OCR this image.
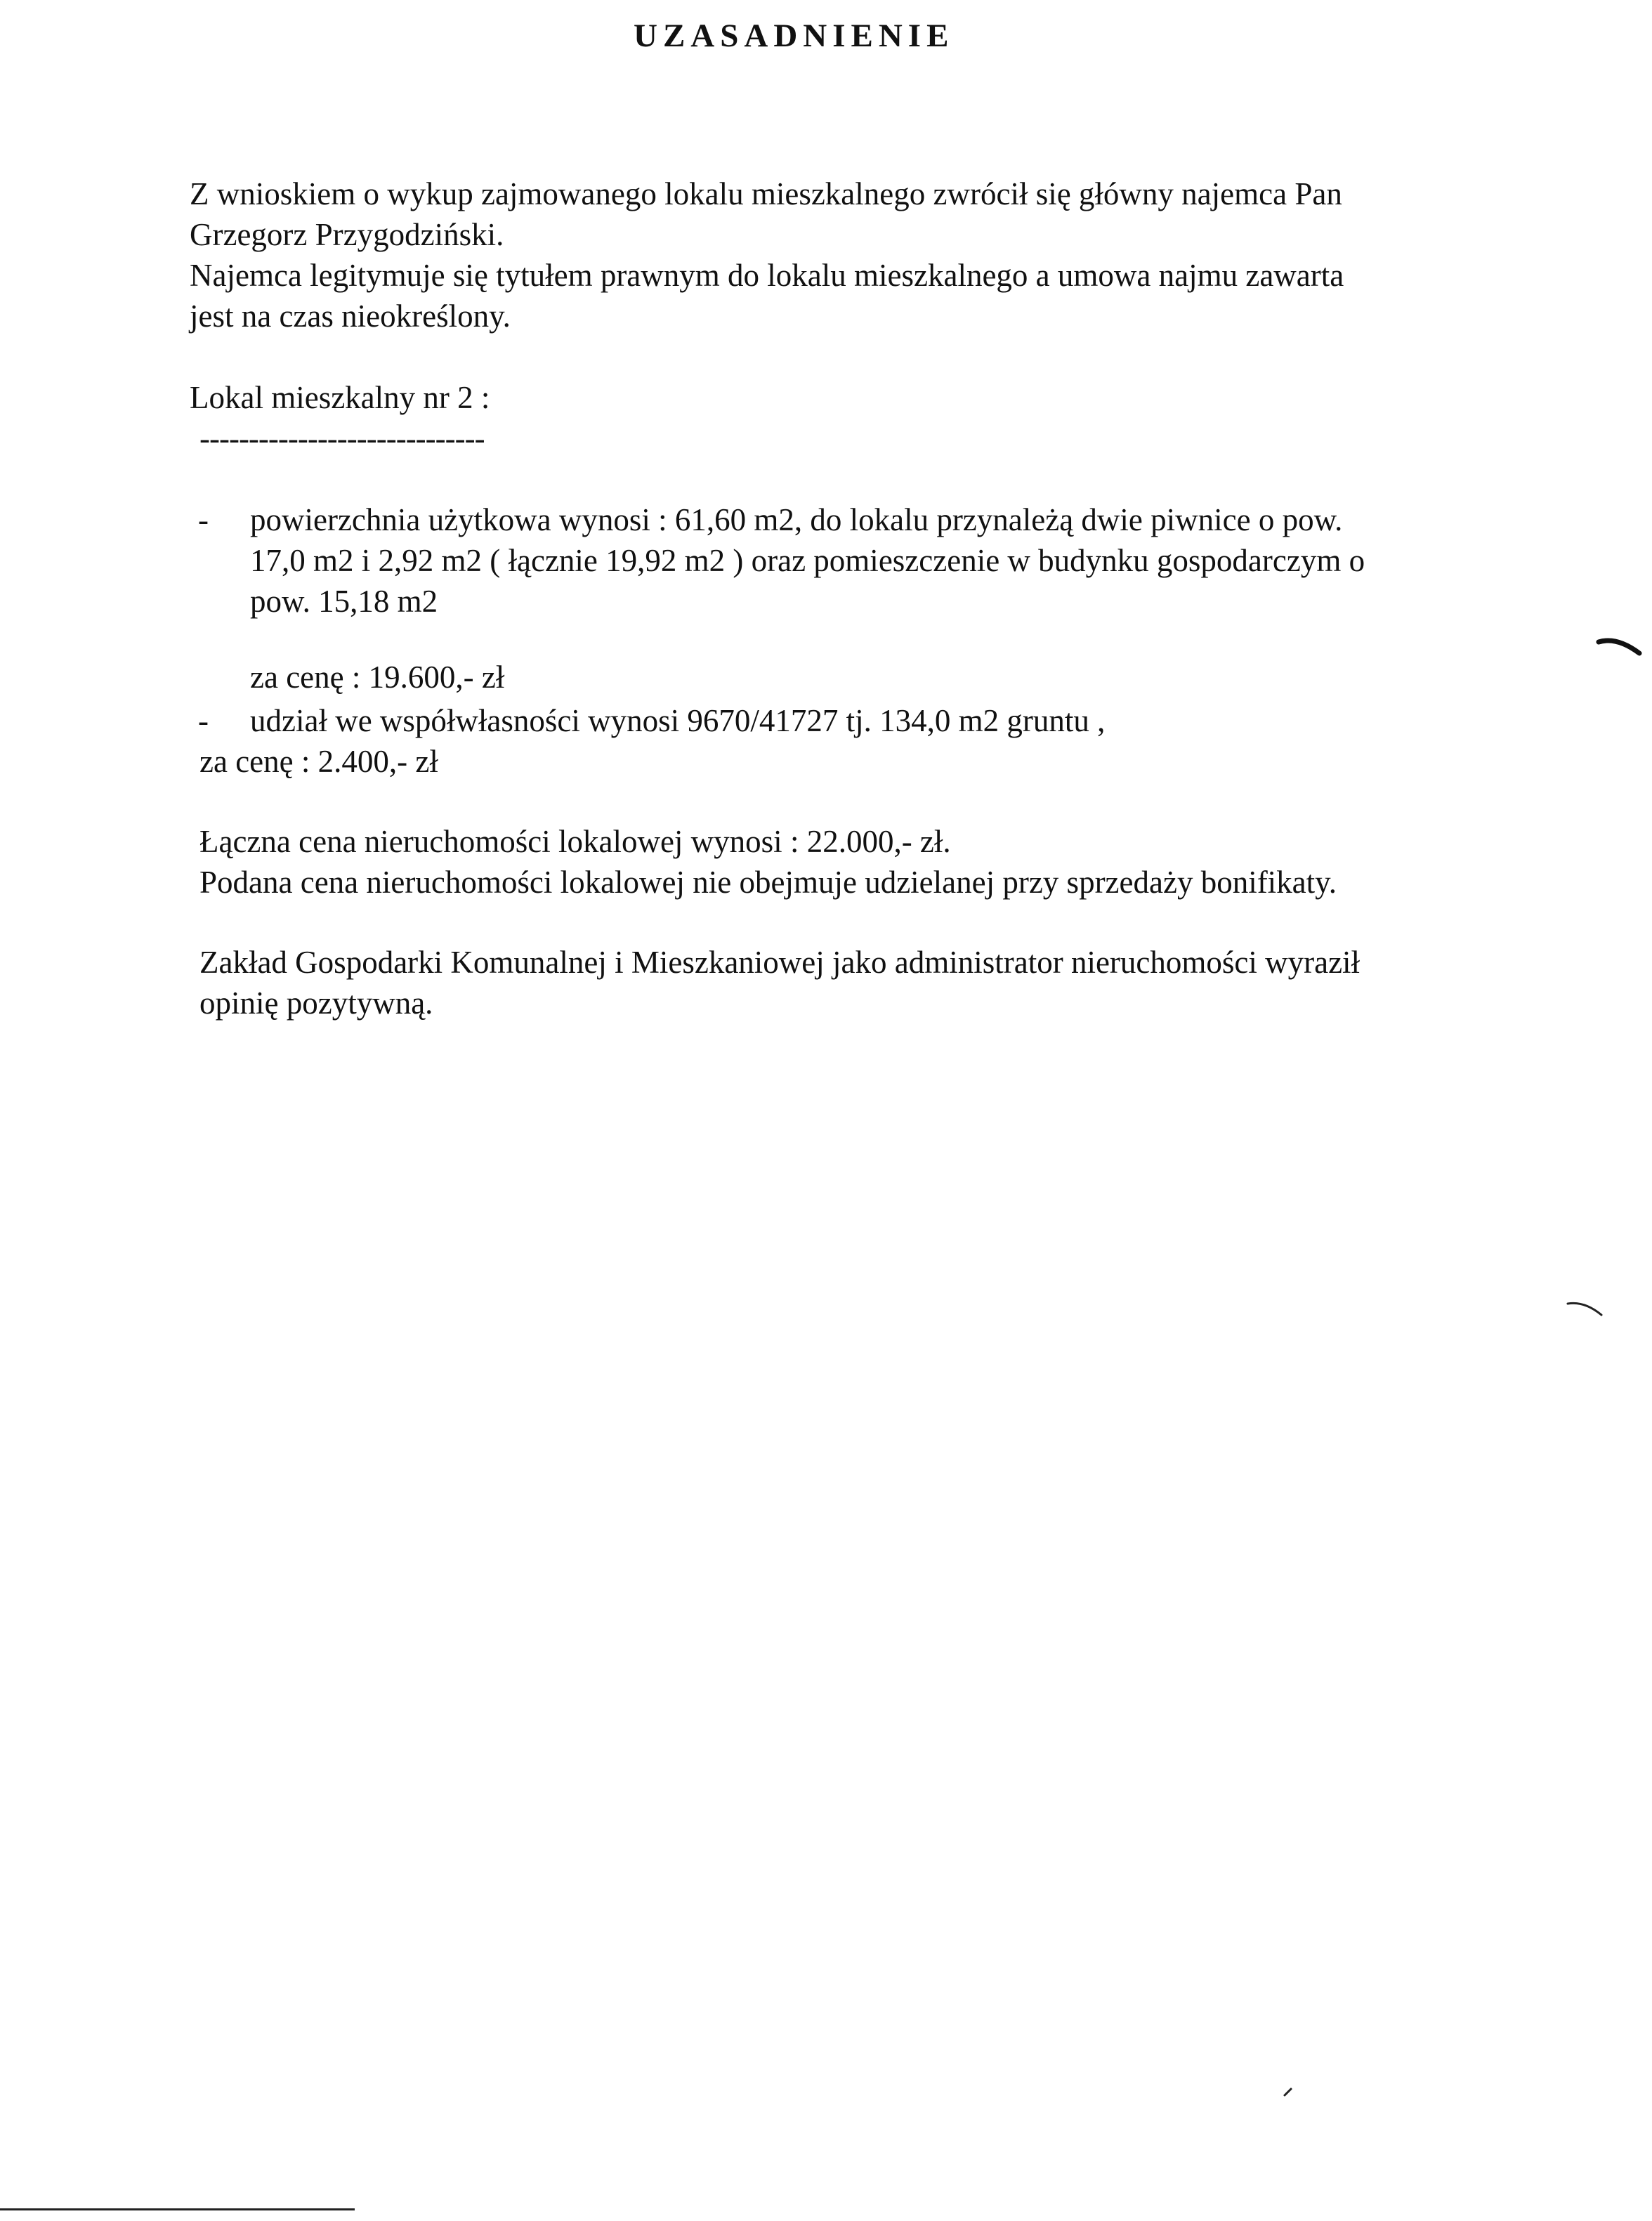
UZASADNIENIE
Z wnioskiem o wykup zajmowanego lokalu mieszkalnego zwrócił się główny najemca Pan
Grzegorz Przygodziński.
Najemca legitymuje się tytułem prawnym do lokalu mieszkalnego a umowa najmu zawarta
jest na czas nieokreślony.
Lokal mieszkalny nr 2 :
-----------------------------
- powierzchnia użytkowa wynosi : 61,60 m2, do lokalu przynależą dwie piwnice o pow.
17,0 m2 i 2,92 m2 ( łącznie 19,92 m2 ) oraz pomieszczenie w budynku gospodarczym o
pow. 15,18 m2
za cenę : 19.600,- zł
- udział we współwłasności wynosi 9670/41727 tj. 134,0 m2 gruntu ,
za cenę : 2.400,- zł
Łączna cena nieruchomości lokalowej wynosi : 22.000,- zł.
Podana cena nieruchomości lokalowej nie obejmuje udzielanej przy sprzedaży bonifikaty.
Zakład Gospodarki Komunalnej i Mieszkaniowej jako administrator nieruchomości wyraził
opinię pozytywną.
